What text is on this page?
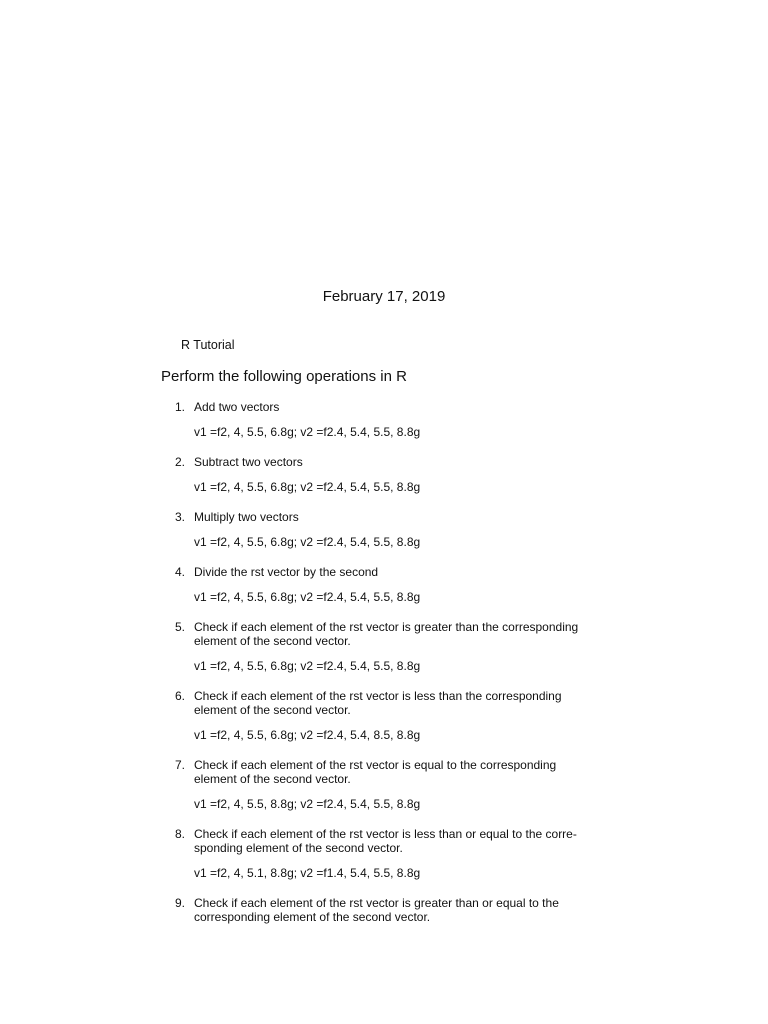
February 17, 2019
R Tutorial
Perform the following operations in R
1. Add two vectors
v1 =f2, 4, 5.5, 6.8g; v2 =f2.4, 5.4, 5.5, 8.8g
2. Subtract two vectors
v1 =f2, 4, 5.5, 6.8g; v2 =f2.4, 5.4, 5.5, 8.8g
3. Multiply two vectors
v1 =f2, 4, 5.5, 6.8g; v2 =f2.4, 5.4, 5.5, 8.8g
4. Divide the rst vector by the second
v1 =f2, 4, 5.5, 6.8g; v2 =f2.4, 5.4, 5.5, 8.8g
5. Check if each element of the rst vector is greater than the corresponding element of the second vector.
v1 =f2, 4, 5.5, 6.8g; v2 =f2.4, 5.4, 5.5, 8.8g
6. Check if each element of the rst vector is less than the corresponding element of the second vector.
v1 =f2, 4, 5.5, 6.8g; v2 =f2.4, 5.4, 8.5, 8.8g
7. Check if each element of the rst vector is equal to the corresponding element of the second vector.
v1 =f2, 4, 5.5, 8.8g; v2 =f2.4, 5.4, 5.5, 8.8g
8. Check if each element of the rst vector is less than or equal to the corre-sponding element of the second vector.
v1 =f2, 4, 5.1, 8.8g; v2 =f1.4, 5.4, 5.5, 8.8g
9. Check if each element of the rst vector is greater than or equal to the corresponding element of the second vector.
